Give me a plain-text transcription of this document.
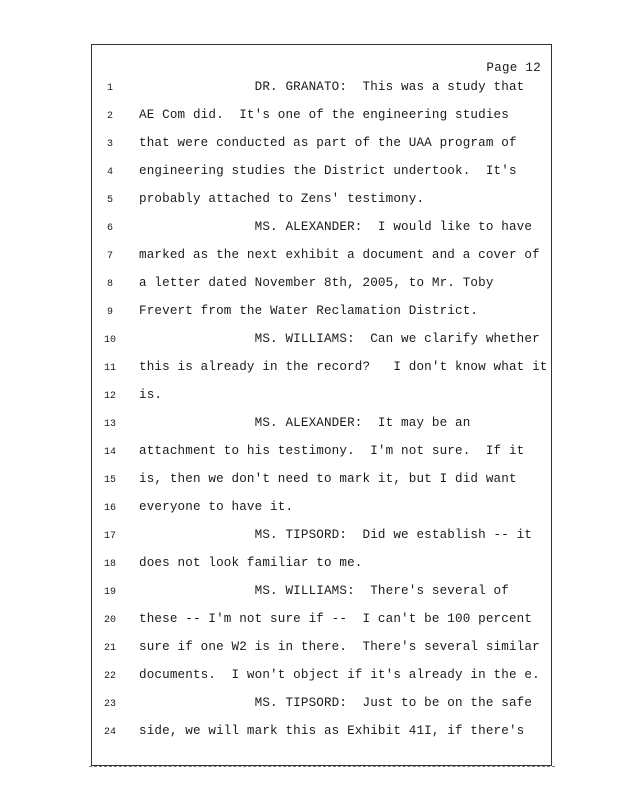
Page 12
1	DR. GRANATO:  This was a study that
2	AE Com did.  It's one of the engineering studies
3	that were conducted as part of the UAA program of
4	engineering studies the District undertook.  It's
5	probably attached to Zens' testimony.
6	MS. ALEXANDER:  I would like to have
7	marked as the next exhibit a document and a cover of
8	a letter dated November 8th, 2005, to Mr. Toby
9	Frevert from the Water Reclamation District.
10	MS. WILLIAMS:  Can we clarify whether
11	this is already in the record?   I don't know what it
12	is.
13	MS. ALEXANDER:  It may be an
14	attachment to his testimony.  I'm not sure.  If it
15	is, then we don't need to mark it, but I did want
16	everyone to have it.
17	MS. TIPSORD:  Did we establish -- it
18	does not look familiar to me.
19	MS. WILLIAMS:  There's several of
20	these -- I'm not sure if --  I can't be 100 percent
21	sure if one W2 is in there.  There's several similar
22	documents.  I won't object if it's already in the e.
23	MS. TIPSORD:  Just to be on the safe
24	side, we will mark this as Exhibit 41I, if there's
